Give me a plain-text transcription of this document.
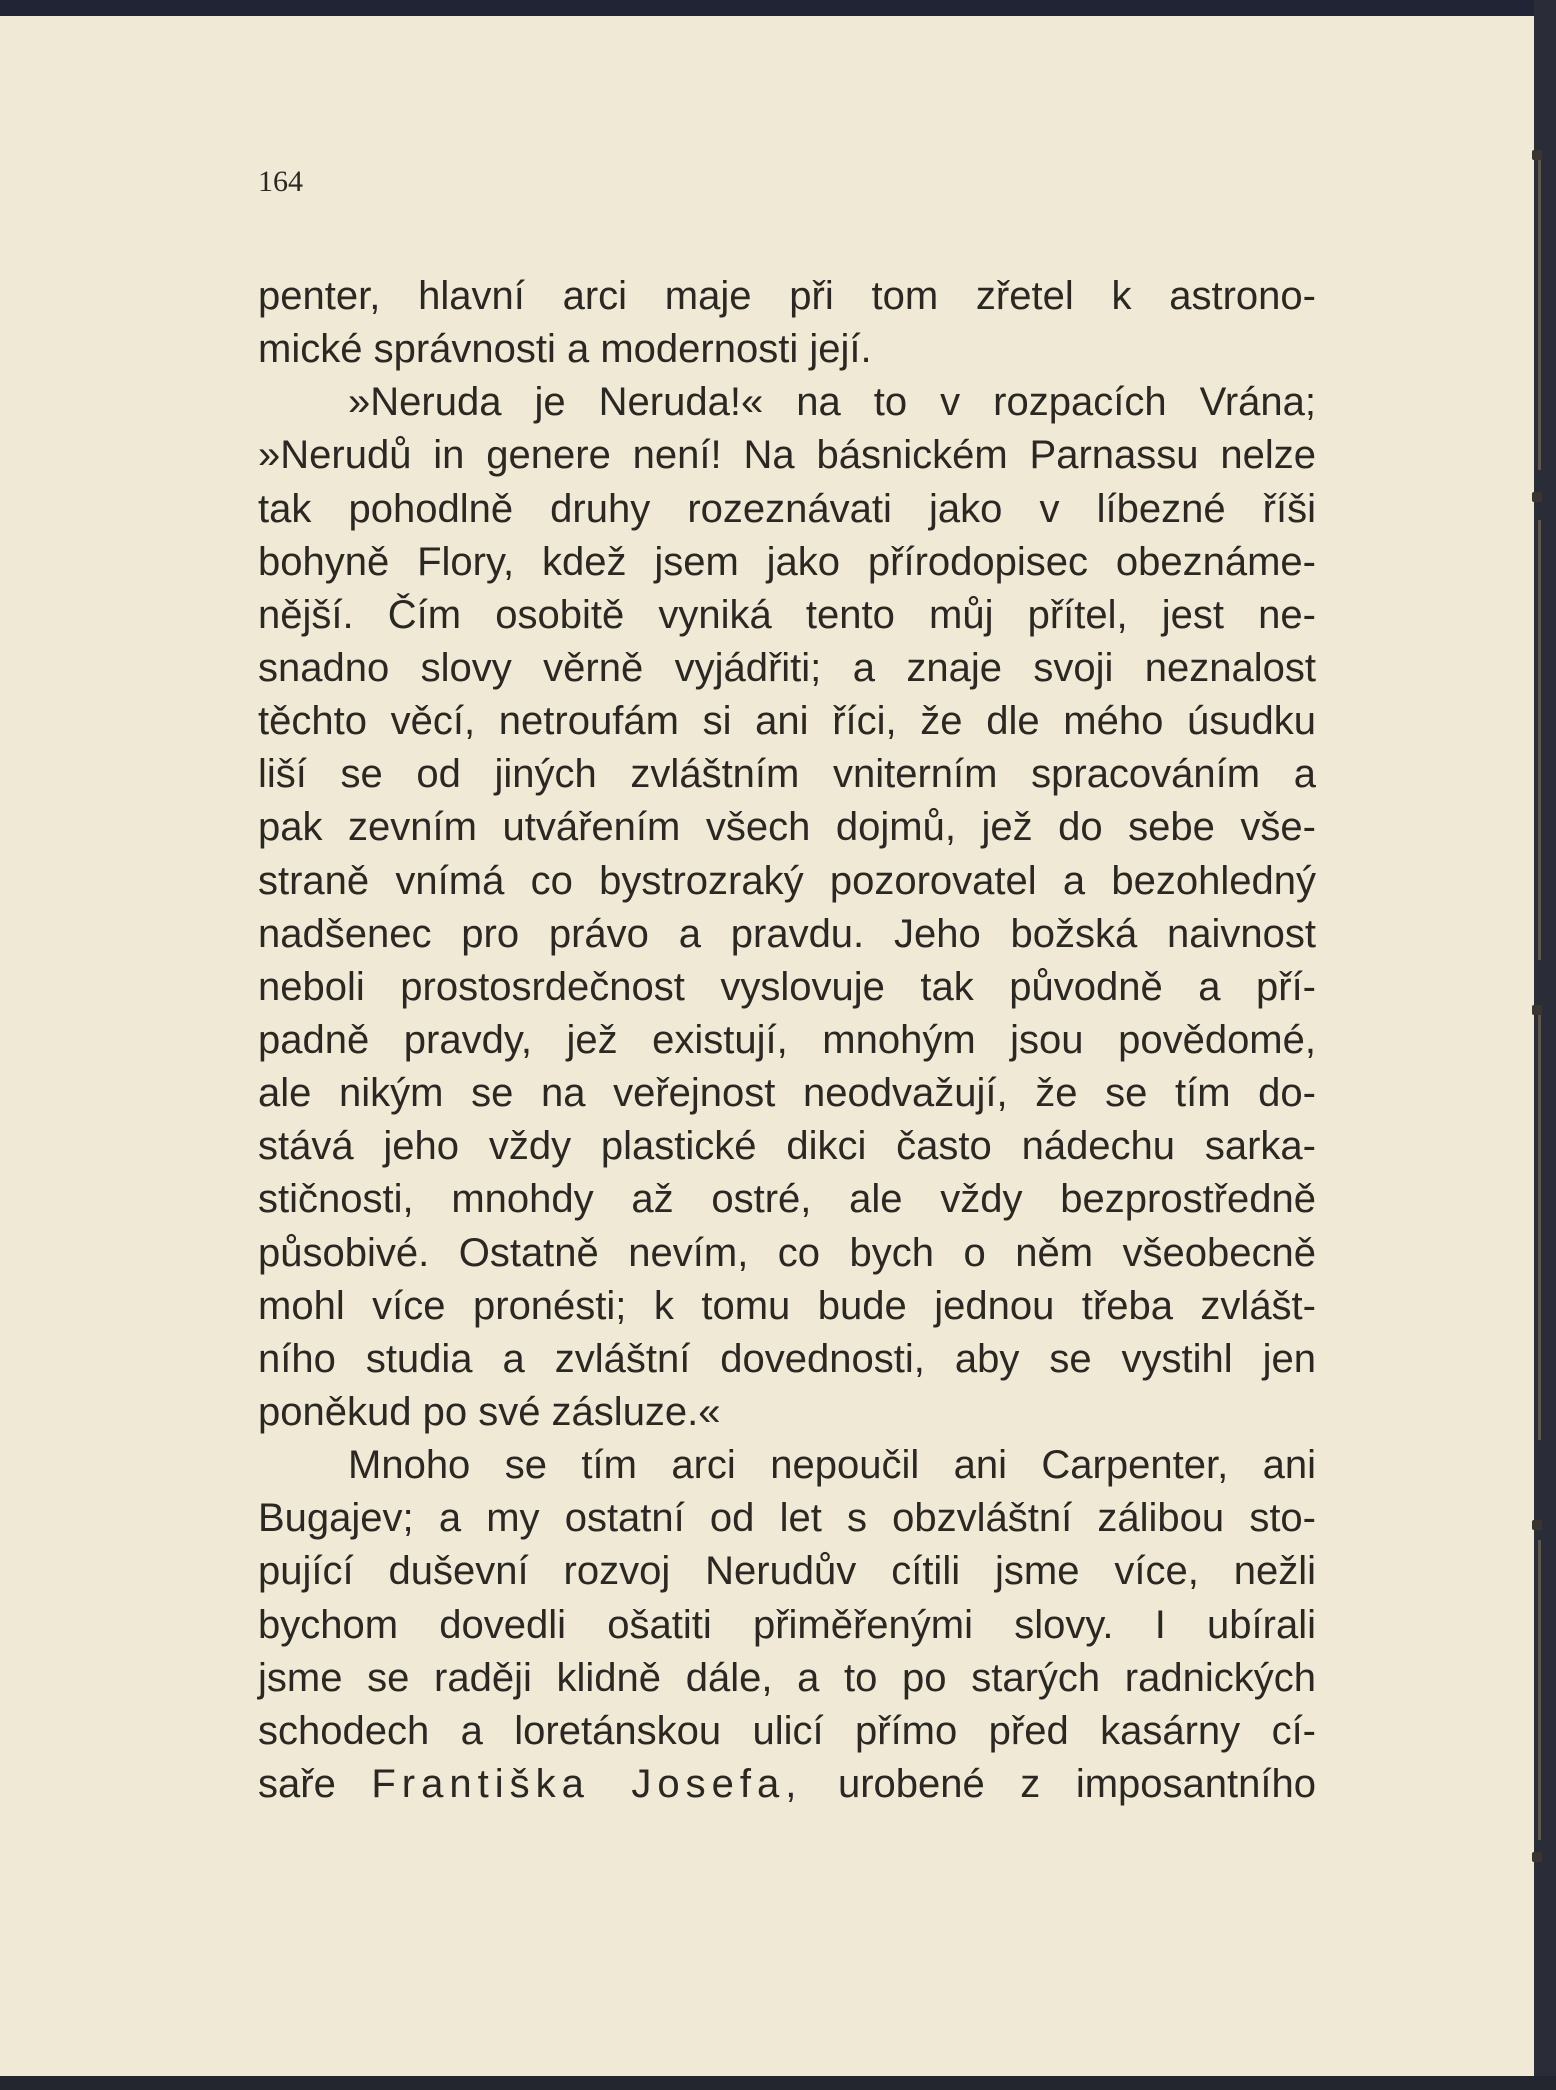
164
penter, hlavní arci maje při tom zřetel k astrono-
mické správnosti a modernosti její.
»Neruda je Neruda!« na to v rozpacích Vrána;
»Nerudů in genere není! Na básnickém Parnassu nelze
tak pohodlně druhy rozeznávati jako v líbezné říši
bohyně Flory, kdež jsem jako přírodopisec obeznáme-
nější. Čím osobitě vyniká tento můj přítel, jest ne-
snadno slovy věrně vyjádřiti; a znaje svoji neznalost
těchto věcí, netroufám si ani říci, že dle mého úsudku
liší se od jiných zvláštním vniterním spracováním a
pak zevním utvářením všech dojmů, jež do sebe vše-
straně vnímá co bystrozraký pozorovatel a bezohledný
nadšenec pro právo a pravdu. Jeho božská naivnost
neboli prostosrdečnost vyslovuje tak původně a pří-
padně pravdy, jež existují, mnohým jsou povědomé,
ale nikým se na veřejnost neodvažují, že se tím do-
stává jeho vždy plastické dikci často nádechu sarka-
stičnosti, mnohdy až ostré, ale vždy bezprostředně
působivé. Ostatně nevím, co bych o něm všeobecně
mohl více pronésti; k tomu bude jednou třeba zvlášt-
ního studia a zvláštní dovednosti, aby se vystihl jen
poněkud po své zásluze.«
Mnoho se tím arci nepoučil ani Carpenter, ani
Bugajev; a my ostatní od let s obzvláštní zálibou sto-
pující duševní rozvoj Nerudův cítili jsme více, nežli
bychom dovedli ošatiti přiměřenými slovy. I ubírali
jsme se raději klidně dále, a to po starých radnických
schodech a loretánskou ulicí přímo před kasárny cí-
saře Františka Josefa, urobené z imposantního
